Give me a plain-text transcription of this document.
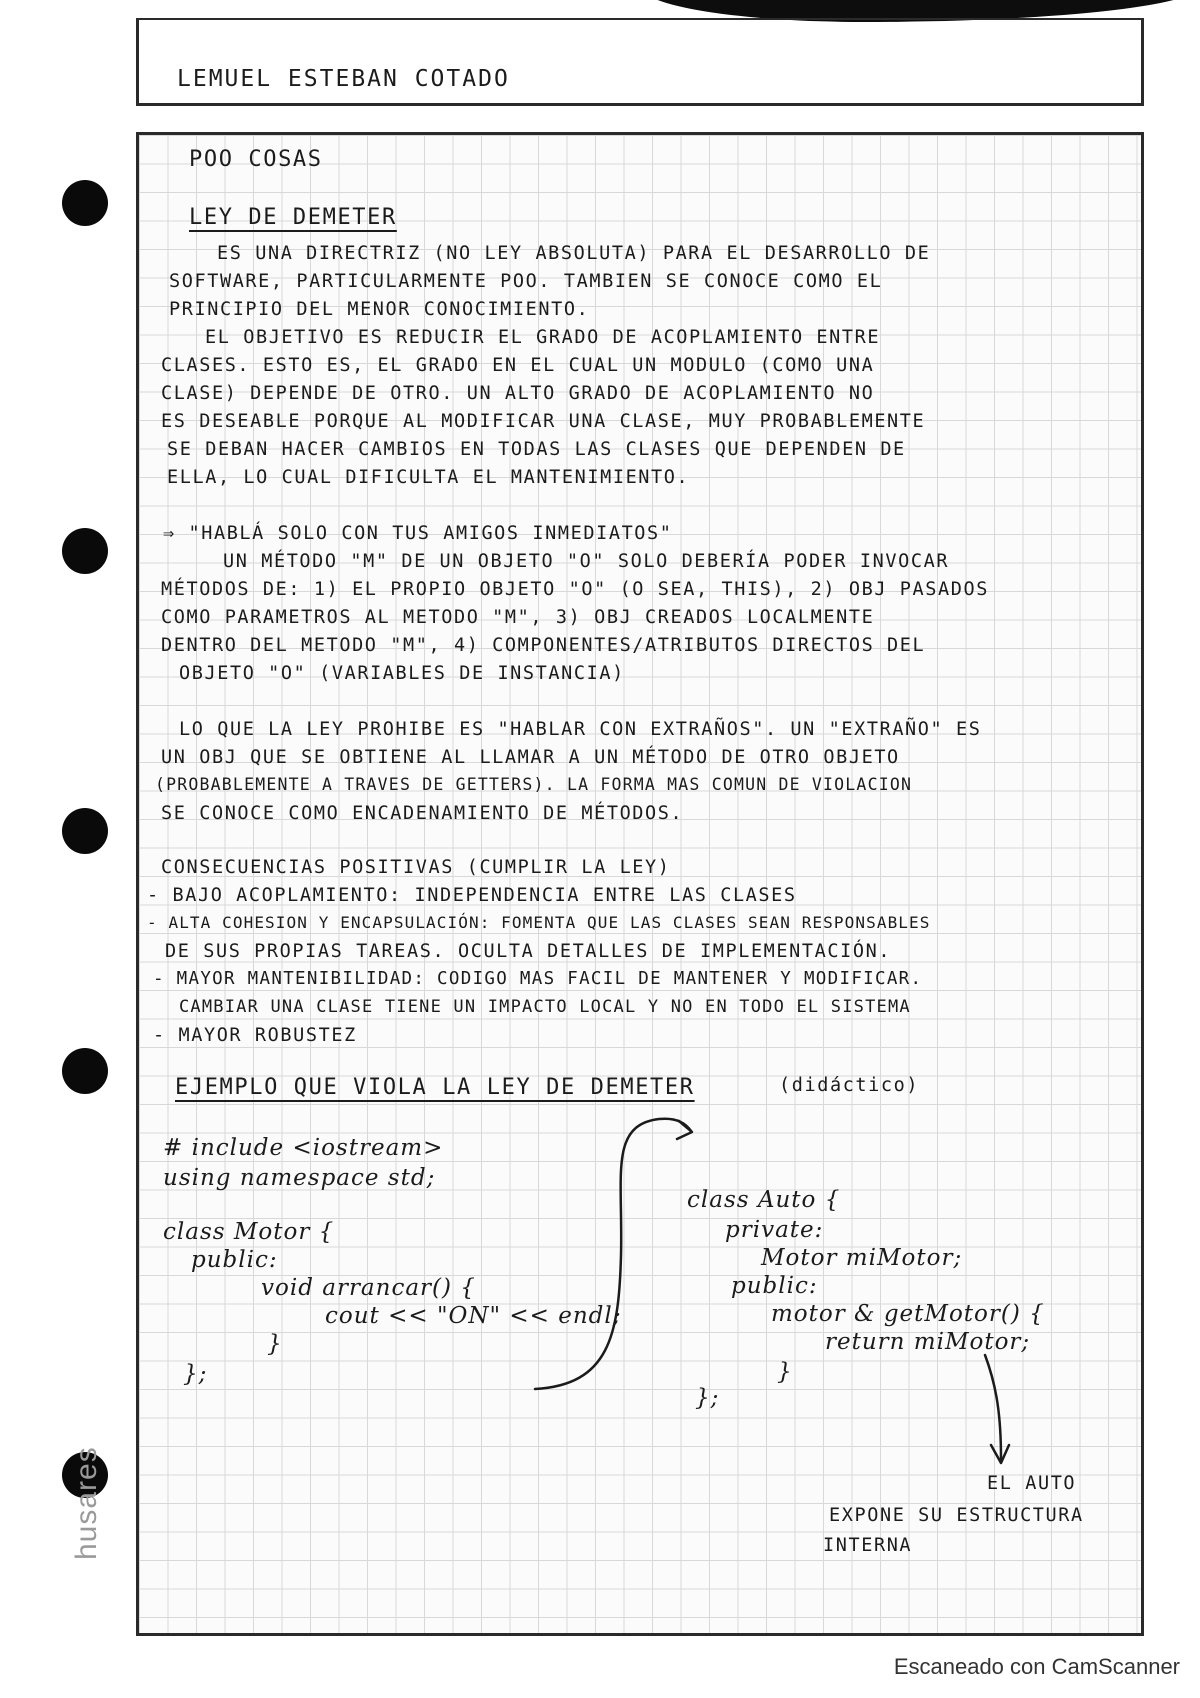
LEMUEL ESTEBAN COTADO
husares
POO COSAS
LEY DE DEMETER
ES UNA DIRECTRIZ (NO LEY ABSOLUTA) PARA EL DESARROLLO DE
SOFTWARE, PARTICULARMENTE POO. TAMBIEN SE CONOCE COMO EL
PRINCIPIO DEL MENOR CONOCIMIENTO.
EL OBJETIVO ES REDUCIR EL GRADO DE ACOPLAMIENTO ENTRE
CLASES. ESTO ES, EL GRADO EN EL CUAL UN MODULO (COMO UNA
CLASE) DEPENDE DE OTRO. UN ALTO GRADO DE ACOPLAMIENTO NO
ES DESEABLE PORQUE AL MODIFICAR UNA CLASE, MUY PROBABLEMENTE
SE DEBAN HACER CAMBIOS EN TODAS LAS CLASES QUE DEPENDEN DE
ELLA, LO CUAL DIFICULTA EL MANTENIMIENTO.
⇒ "HABLÁ SOLO CON TUS AMIGOS INMEDIATOS"
UN MÉTODO "M" DE UN OBJETO "O" SOLO DEBERÍA PODER INVOCAR
MÉTODOS DE: 1) EL PROPIO OBJETO "O" (O SEA, THIS), 2) OBJ PASADOS
COMO PARAMETROS AL METODO "M", 3) OBJ CREADOS LOCALMENTE
DENTRO DEL METODO "M", 4) COMPONENTES/ATRIBUTOS DIRECTOS DEL
OBJETO "O" (VARIABLES DE INSTANCIA)
LO QUE LA LEY PROHIBE ES "HABLAR CON EXTRAÑOS". UN "EXTRAÑO" ES
UN OBJ QUE SE OBTIENE AL LLAMAR A UN MÉTODO DE OTRO OBJETO
(PROBABLEMENTE A TRAVES DE GETTERS). LA FORMA MAS COMUN DE VIOLACION
SE CONOCE COMO ENCADENAMIENTO DE MÉTODOS.
CONSECUENCIAS POSITIVAS (CUMPLIR LA LEY)
- BAJO ACOPLAMIENTO: INDEPENDENCIA ENTRE LAS CLASES
- ALTA COHESION Y ENCAPSULACIÓN: FOMENTA QUE LAS CLASES SEAN RESPONSABLES
DE SUS PROPIAS TAREAS. OCULTA DETALLES DE IMPLEMENTACIÓN.
- MAYOR MANTENIBILIDAD: CODIGO MAS FACIL DE MANTENER Y MODIFICAR.
CAMBIAR UNA CLASE TIENE UN IMPACTO LOCAL Y NO EN TODO EL SISTEMA
- MAYOR ROBUSTEZ
EJEMPLO QUE VIOLA LA LEY DE DEMETER	(didáctico)
# include <iostream>
using namespace std;
class Motor {
public:
void arrancar() {
cout << "ON" << endl;
}
};
class Auto {
private:
Motor miMotor;
public:
motor & getMotor() {
return miMotor;
}
};
EL AUTO
EXPONE SU ESTRUCTURA
INTERNA
Escaneado con CamScanner
